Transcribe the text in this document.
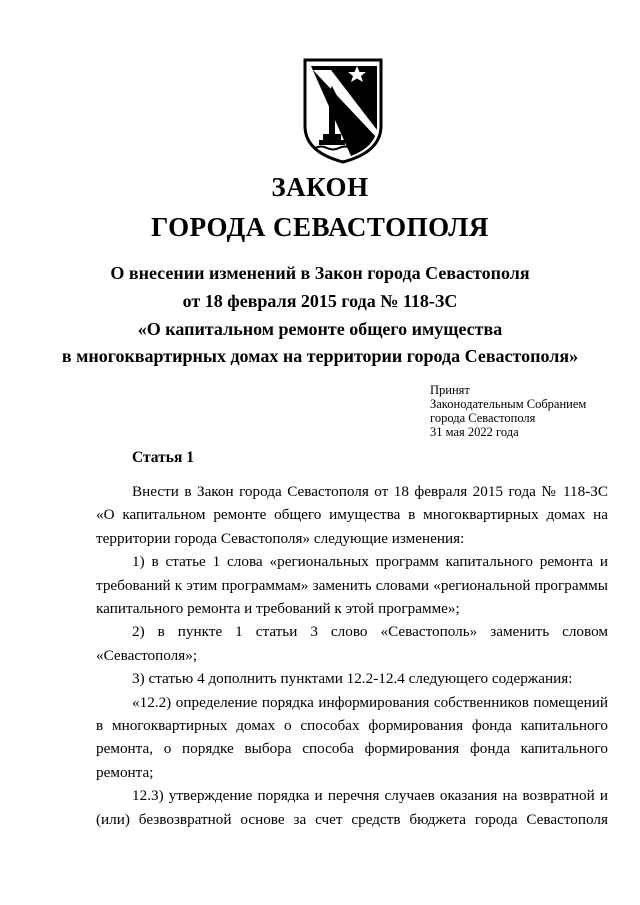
ЗАКОН
ГОРОДА СЕВАСТОПОЛЯ
О внесении изменений в Закон города Севастополя
от 18 февраля 2015 года № 118-ЗС
«О капитальном ремонте общего имущества
в многоквартирных домах на территории города Севастополя»
Принят
Законодательным Собранием
города Севастополя
31 мая 2022 года
Статья 1

Внести в Закон города Севастополя от 18 февраля 2015 года № 118-ЗС «О капитальном ремонте общего имущества в многоквартирных домах на территории города Севастополя» следующие изменения:

1) в статье 1 слова «региональных программ капитального ремонта и требований к этим программам» заменить словами «региональной программы капитального ремонта и требований к этой программе»;

2) в пункте 1 статьи 3 слово «Севастополь» заменить словом «Севастополя»;

3) статью 4 дополнить пунктами 12.2-12.4 следующего содержания:

«12.2) определение порядка информирования собственников помещений в многоквартирных домах о способах формирования фонда капитального ремонта, о порядке выбора способа формирования фонда капитального ремонта;

12.3) утверждение порядка и перечня случаев оказания на возвратной и (или) безвозвратной основе за счет средств бюджета города Севастополя
